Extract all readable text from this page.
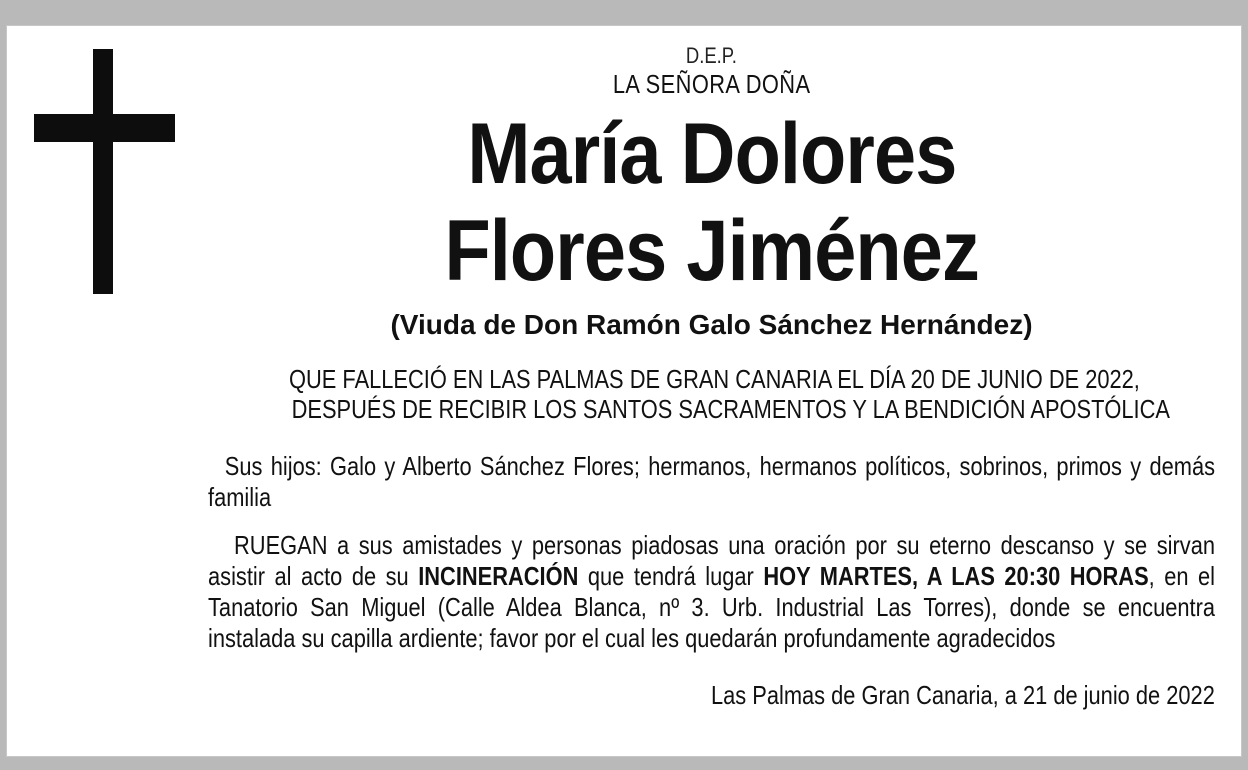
D.E.P.
LA SEÑORA DOÑA
María Dolores
Flores Jiménez
(Viuda de Don Ramón Galo Sánchez Hernández)
QUE FALLECIÓ EN LAS PALMAS DE GRAN CANARIA EL DÍA 20 DE JUNIO DE 2022,
DESPUÉS DE RECIBIR LOS SANTOS SACRAMENTOS Y LA BENDICIÓN APOSTÓLICA

Sus hijos: Galo y Alberto Sánchez Flores; hermanos, hermanos políticos, sobrinos, primos y demás familia

RUEGAN a sus amistades y personas piadosas una oración por su eterno descanso y se sirvan asistir al acto de su INCINERACIÓN que tendrá lugar HOY MARTES, A LAS 20:30 HORAS, en el Tanatorio San Miguel (Calle Aldea Blanca, nº 3. Urb. Industrial Las Torres), donde se encuentra instalada su capilla ardiente; favor por el cual les quedarán profundamente agradecidos

Las Palmas de Gran Canaria, a 21 de junio de 2022
